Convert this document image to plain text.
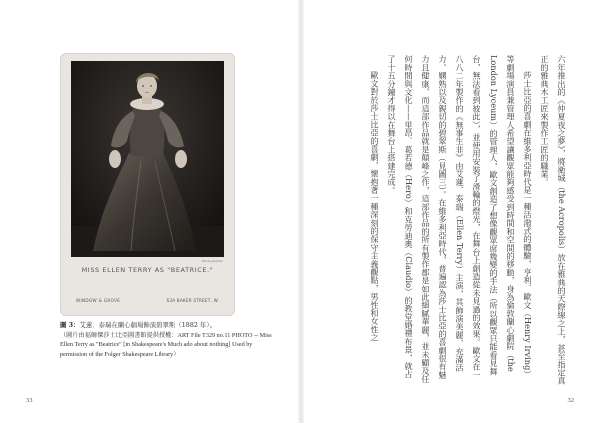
Photographer
MISS ELLEN TERRY AS "BEATRICE."
WINDOW & GROVE	63A BAKER STREET, W.
圖 3：艾蓮．泰瑞在蘭心劇場飾演碧翠斯（1882 年）。
（圖片由福爾傑莎士比亞圖書館提供授權：ART File T329 no.11 PHOTO -- Miss Ellen Terry as "Beatrice" [in Shakespeare's Much ado about nothing] Used by permission of the Folger Shakespeare Library）
33

六年推出的《仲夏夜之夢》，將衛城（the Acropolis）放在雅典的天際線之上，甚至指定真正的雅典木工匠來製作工匠的職業。

莎士比亞的喜劇在維多利亞時代是一種活潑式的體驗，亨利．歐文（Henry Irving）等劇場演員兼管理人希望讓觀眾能夠感受到時間和空間的移動，身為倫敦蘭心劇院（the London Lyceum）的管理人，歐文創造了想像觀眾席幾變的手法（所以觀眾只能看見舞台，無法看到彼此），並使用安裝了滑輪的燈光，在舞台上創造從未見過的效果。歐文在一八八二年製作的《無事生非》由艾蓮．泰瑞（Ellen Terry）主演，其飾演美麗、充滿活力、嫻熟以及親切的碧翠斯（見圖三）。在維多利亞時代，普遍認為莎士比亞的喜劇很有魅力且健康，而這部作品就是顛峰之作，這部作品的所有製作都是如此細膩華麗，並未顧及任何時間與文化——里昂．葛若德（Hero）和克勞迪奧（Claudio）的教堂婚禮布景，就占了十五分鐘才得以在舞台上搭建完成。

歐文對於莎士比亞的喜劇，懷抱著一種深刻的保守主義觀點，男性和女性之

32
